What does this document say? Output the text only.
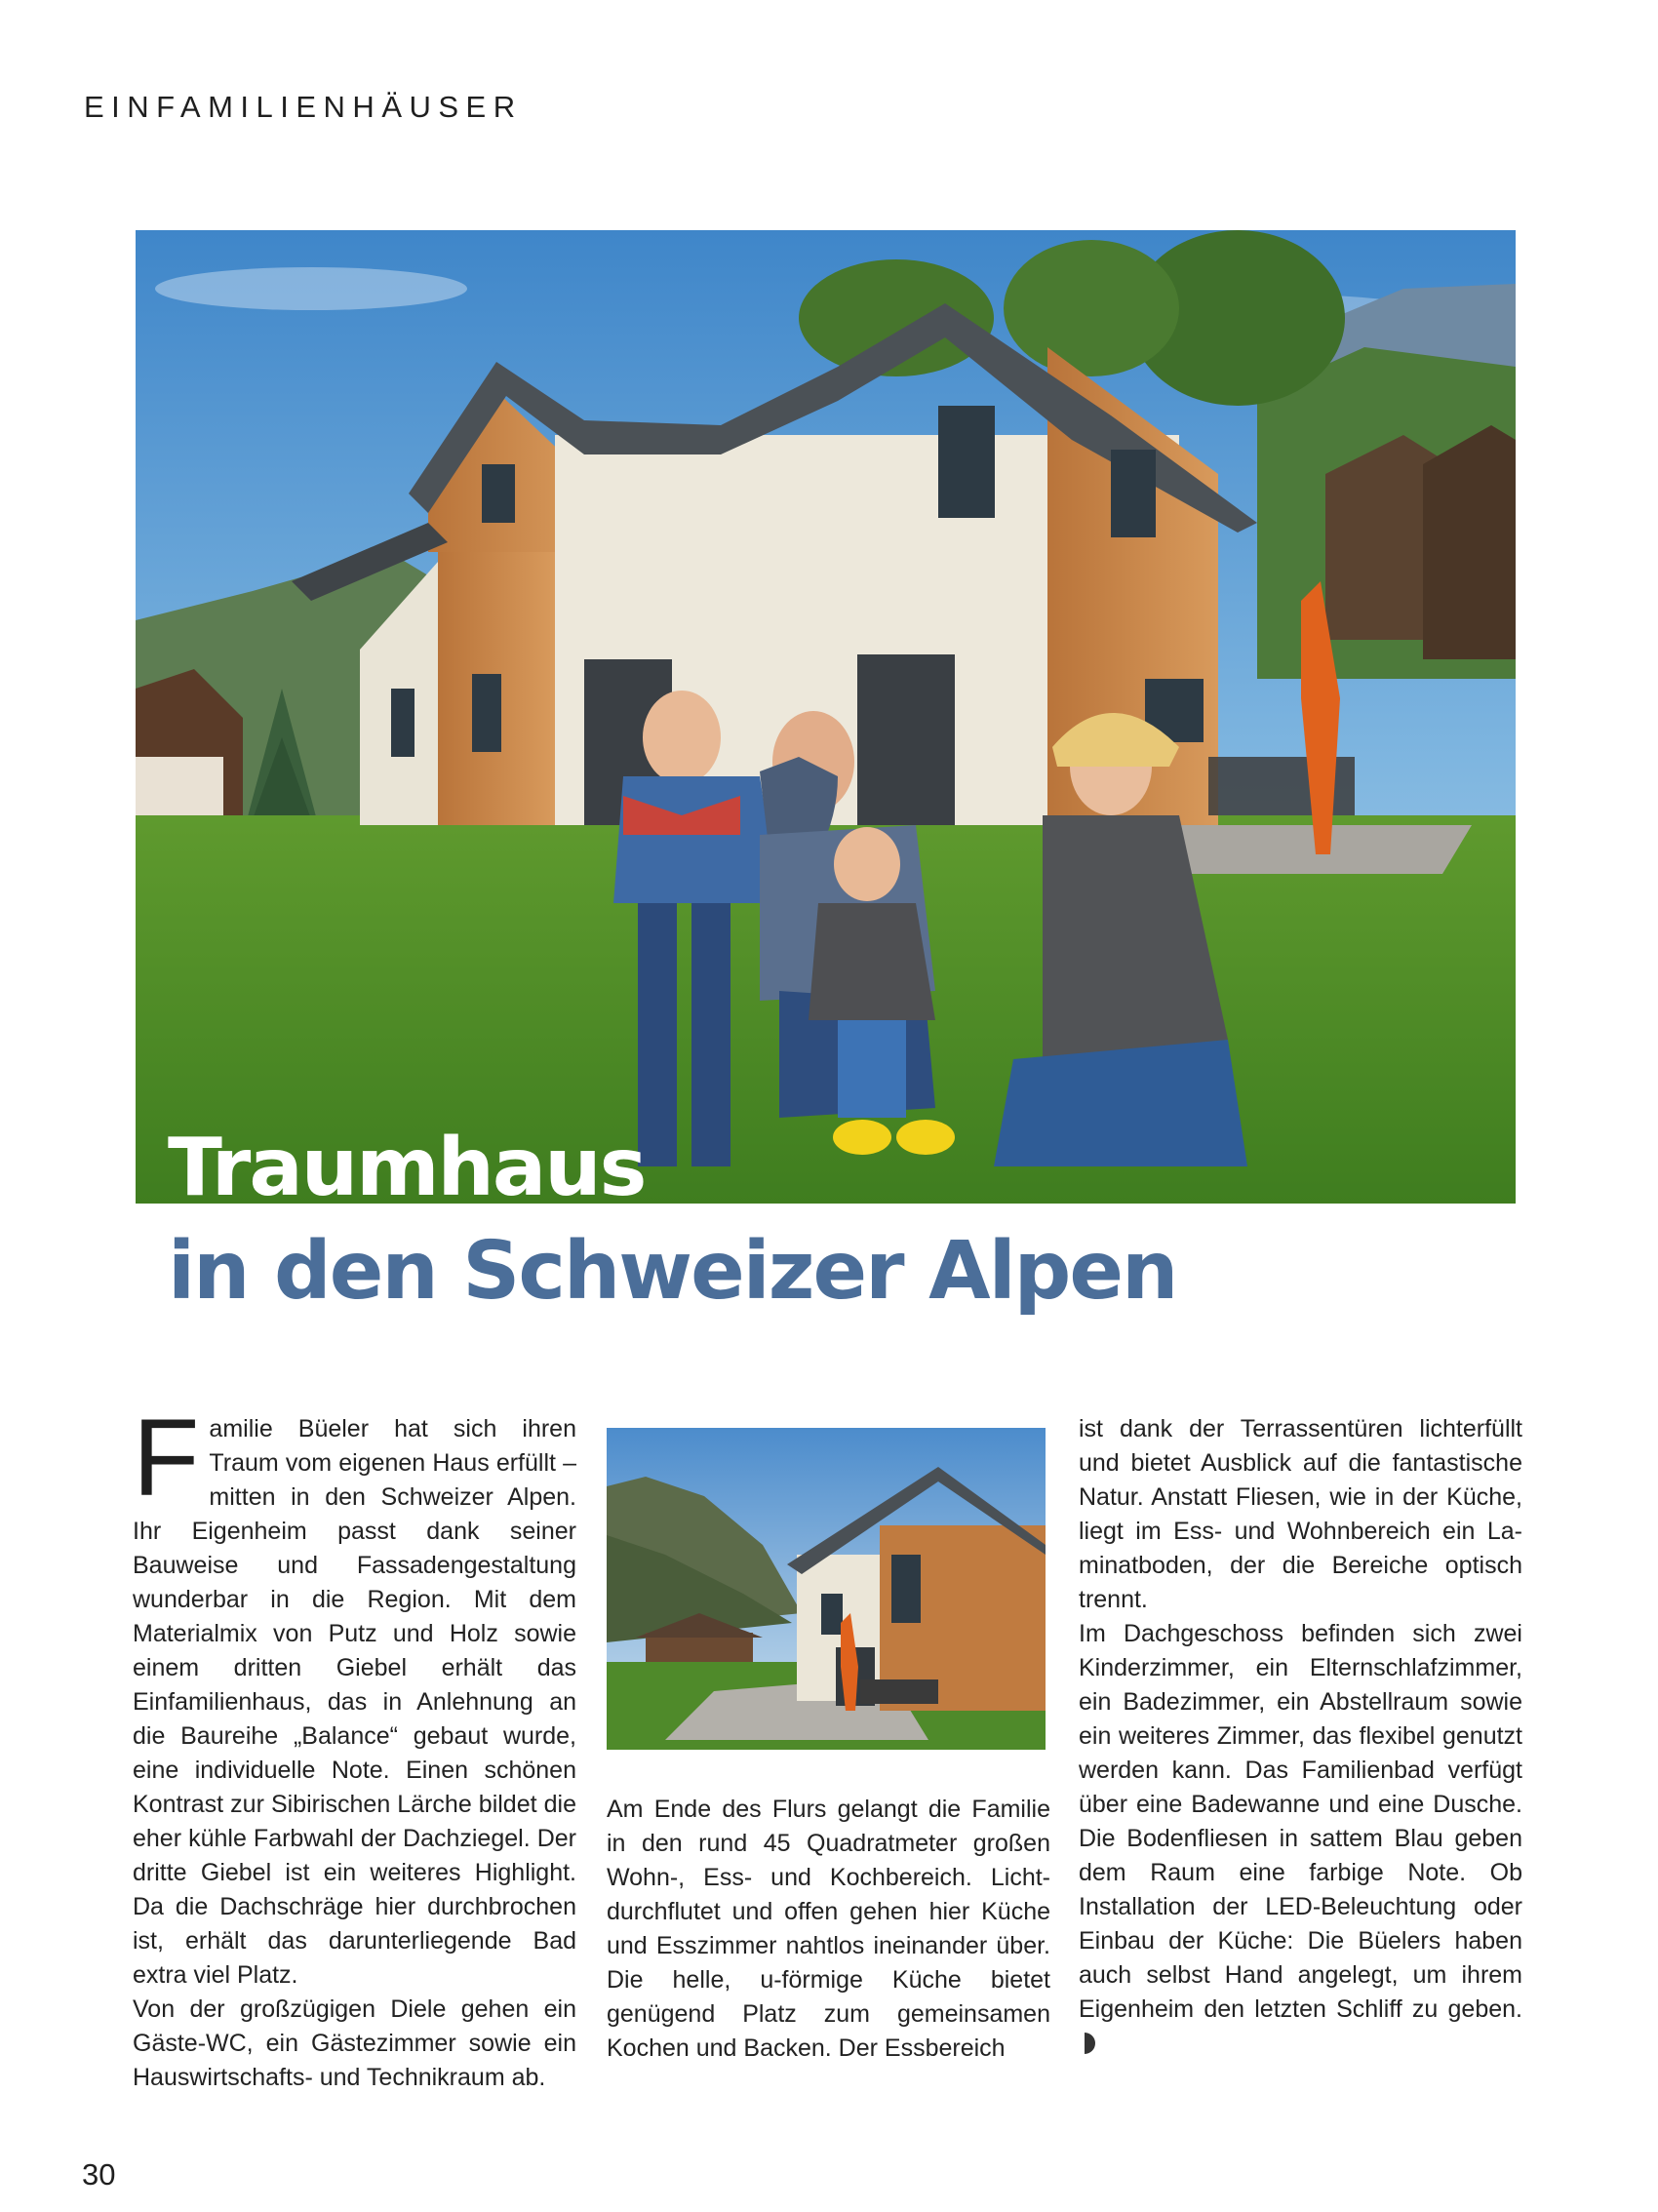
EINFAMILIENHÄUSER
Traumhaus
in den Schweizer Alpen

Familie Büeler hat sich ihren Traum vom eigenen Haus erfüllt – mitten in den Schweizer Alpen. Ihr Eigenheim passt dank seiner Bauweise und Fassadengestaltung wunderbar in die Region. Mit dem Materialmix von Putz und Holz sowie einem dritten Giebel erhält das Einfamilienhaus, das in Anlehnung an die Baureihe „Balance“ gebaut wurde, eine individuelle Note. Einen schönen Kontrast zur Sibirischen Lärche bildet die eher kühle Farbwahl der Dachziegel. Der dritte Giebel ist ein weiteres Highlight. Da die Dachschräge hier durchbrochen ist, erhält das darunterliegende Bad extra viel Platz.

Von der großzügigen Diele gehen ein Gäste-WC, ein Gästezimmer sowie ein Hauswirtschafts- und Technikraum ab.

Am Ende des Flurs gelangt die Familie in den rund 45 Quadratmeter großen Wohn-, Ess- und Kochbereich. Lichtdurchflutet und offen gehen hier Küche und Esszimmer nahtlos ineinander über. Die helle, u-förmige Küche bietet genügend Platz zum gemeinsamen Kochen und Backen. Der Essbereich

ist dank der Terrassentüren lichterfüllt und bietet Ausblick auf die fantastische Natur. Anstatt Fliesen, wie in der Küche, liegt im Ess- und Wohnbereich ein Laminatboden, der die Bereiche optisch trennt.

Im Dachgeschoss befinden sich zwei Kinderzimmer, ein Elternschlafzimmer, ein Badezimmer, ein Abstellraum sowie ein weiteres Zimmer, das flexibel genutzt werden kann. Das Familienbad verfügt über eine Badewanne und eine Dusche. Die Bodenfliesen in sattem Blau geben dem Raum eine farbige Note. Ob Installation der LED-Beleuchtung oder Einbau der Küche: Die Büelers haben auch selbst Hand angelegt, um ihrem Eigenheim den letzten Schliff zu geben.

30
